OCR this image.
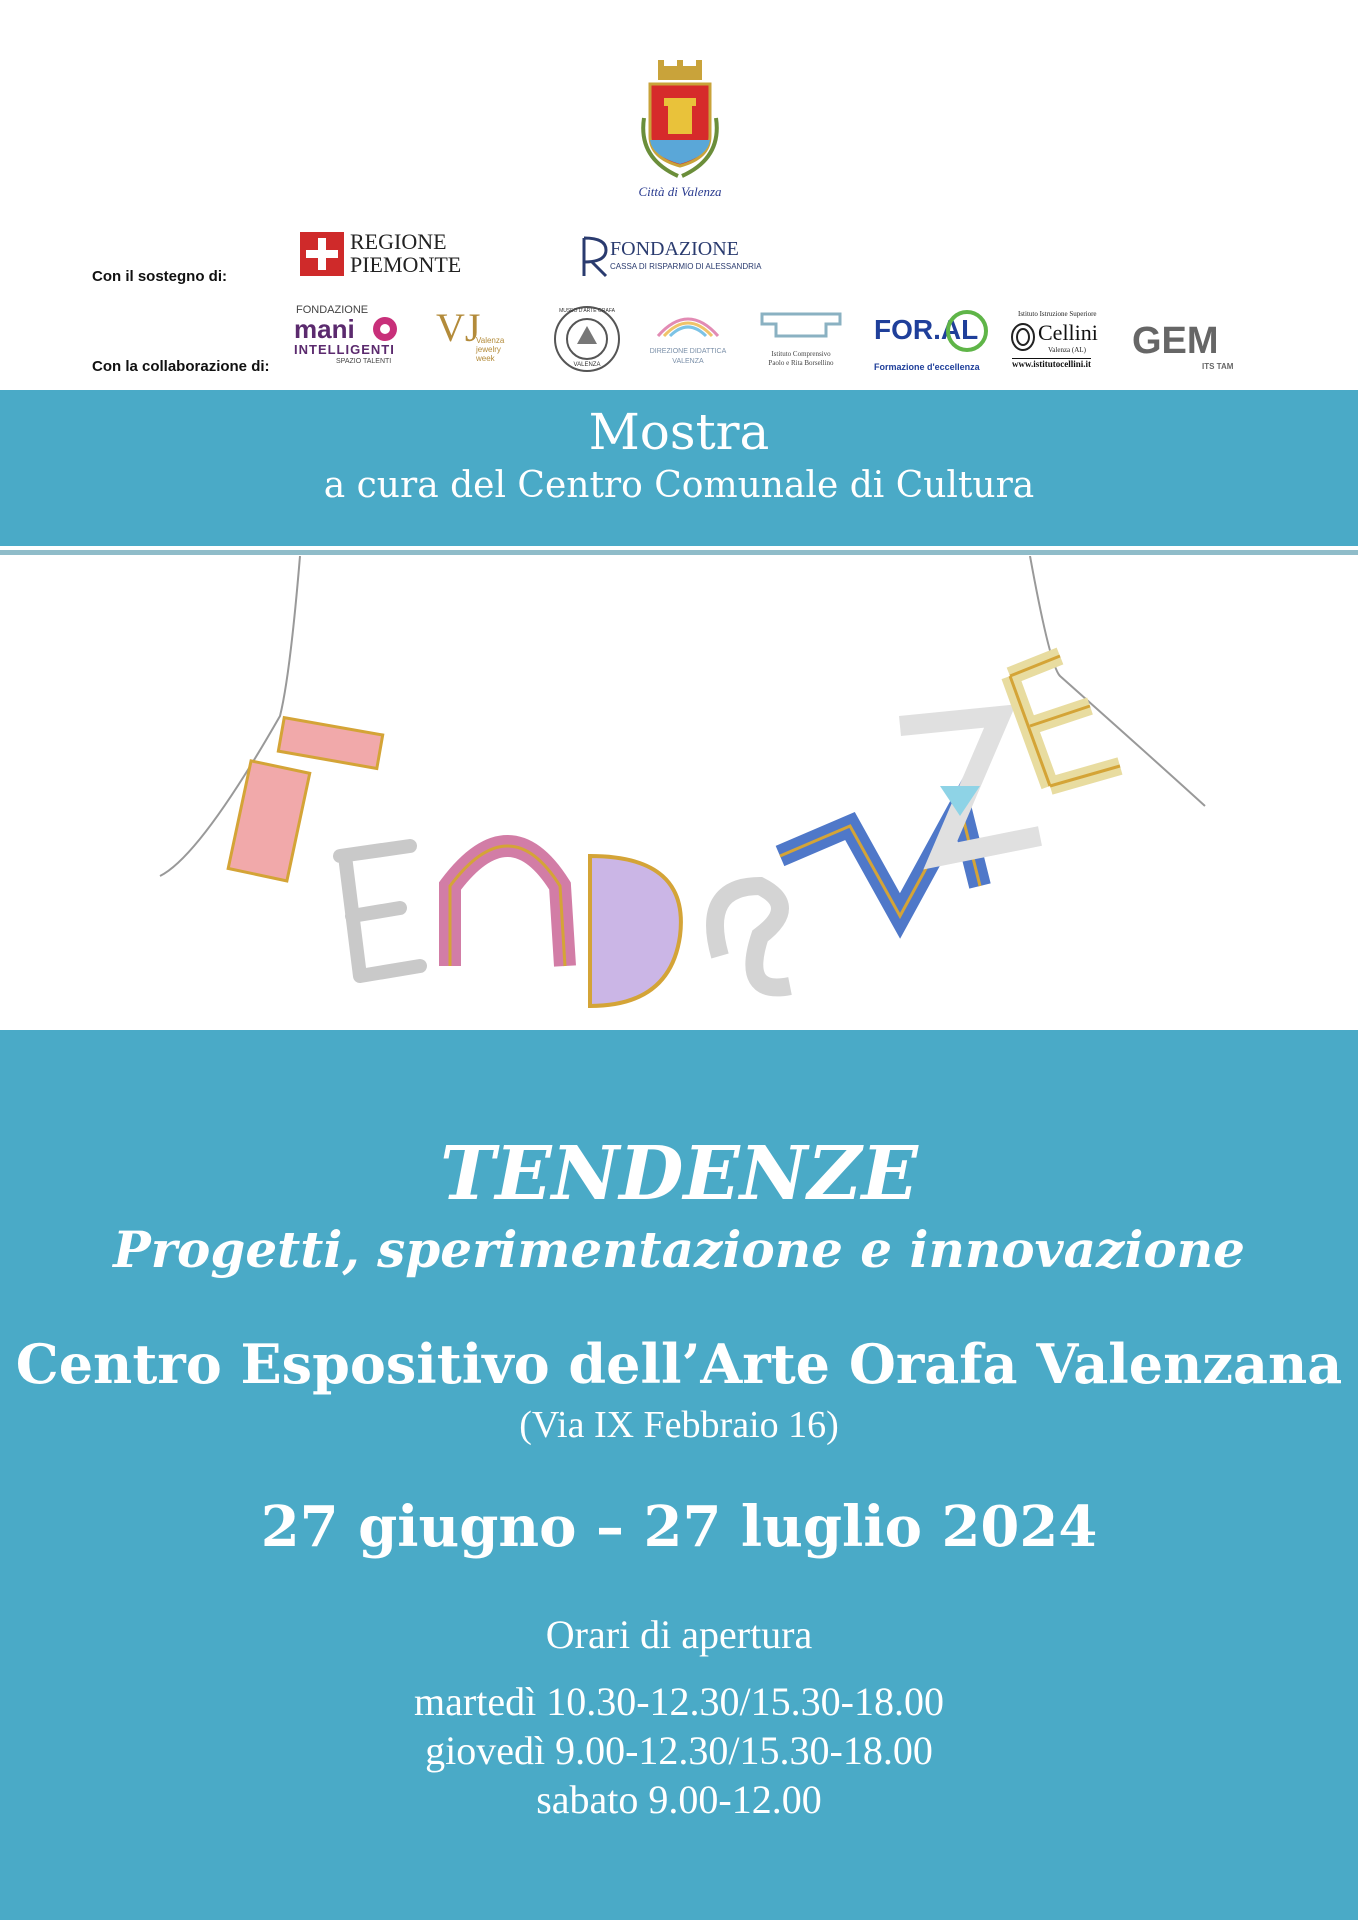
Città di Valenza
Con il sostegno di:
REGIONE
PIEMONTE
FONDAZIONE
CASSA DI RISPARMIO DI ALESSANDRIA
Con la collaborazione di:
FONDAZIONE
mani
INTELLIGENTI
SPAZIO TALENTI
VJ
Valenza jewelry week
MUSEO D'ARTE ORAFA
VALENZA
DIREZIONE DIDATTICA
VALENZA
Istituto Comprensivo
Paolo e Rita Borsellino
FOR.AL
Formazione d'eccellenza
Istituto Istruzione Superiore
Cellini
Valenza (AL)
www.istitutocellini.it
GEM
ITS TAM
Mostra
a cura del Centro Comunale di Cultura
TENDENZE
Progetti, sperimentazione e innovazione
Centro Espositivo dell’Arte Orafa Valenzana
(Via IX Febbraio 16)
27 giugno – 27 luglio 2024
Orari di apertura
martedì 10.30-12.30/15.30-18.00
giovedì 9.00-12.30/15.30-18.00
sabato 9.00-12.00
